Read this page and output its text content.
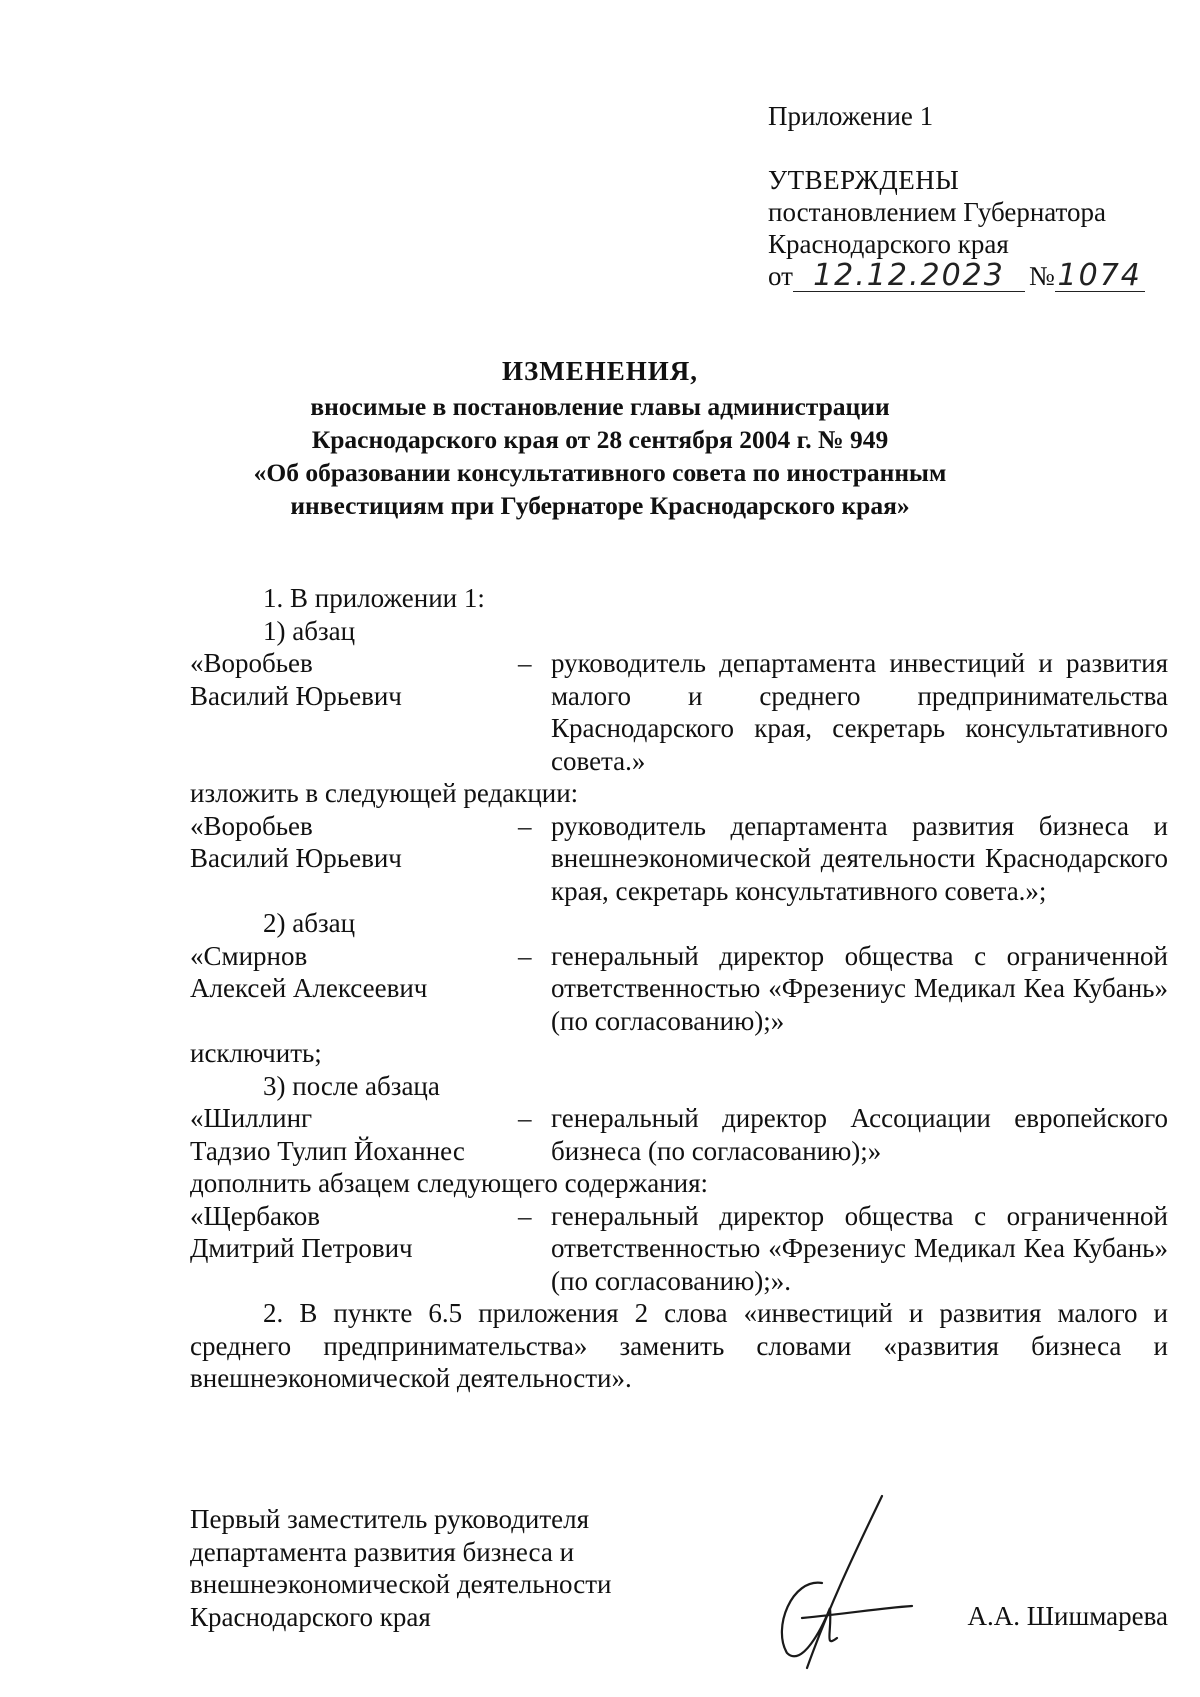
Приложение 1
УТВЕРЖДЕНЫ
постановлением Губернатора
Краснодарского края
от 12.12.2023 № 1074
ИЗМЕНЕНИЯ,
вносимые в постановление главы администрации
Краснодарского края от 28 сентября 2004 г. № 949
«Об образовании консультативного совета по иностранным
инвестициям при Губернаторе Краснодарского края»
1. В приложении 1:
1) абзац
«Воробьев
Василий Юрьевич
– руководитель департамента инвестиций и развития малого и среднего предпринимательства Краснодарского края, секретарь консультативного совета.»
изложить в следующей редакции:
«Воробьев
Василий Юрьевич
– руководитель департамента развития бизнеса и внешнеэкономической деятельности Краснодарского края, секретарь консультативного совета.»;
2) абзац
«Смирнов
Алексей Алексеевич
– генеральный директор общества с ограниченной ответственностью «Фрезениус Медикал Кеа Кубань» (по согласованию);»
исключить;
3) после абзаца
«Шиллинг
Тадзио Тулип Йоханнес
– генеральный директор Ассоциации европейского бизнеса (по согласованию);»
дополнить абзацем следующего содержания:
«Щербаков
Дмитрий Петрович
– генеральный директор общества с ограниченной ответственностью «Фрезениус Медикал Кеа Кубань» (по согласованию);».
2. В пункте 6.5 приложения 2 слова «инвестиций и развития малого и среднего предпринимательства» заменить словами «развития бизнеса и внешнеэкономической деятельности».
Первый заместитель руководителя
департамента развития бизнеса и
внешнеэкономической деятельности
Краснодарского края	А.А. Шишмарева
